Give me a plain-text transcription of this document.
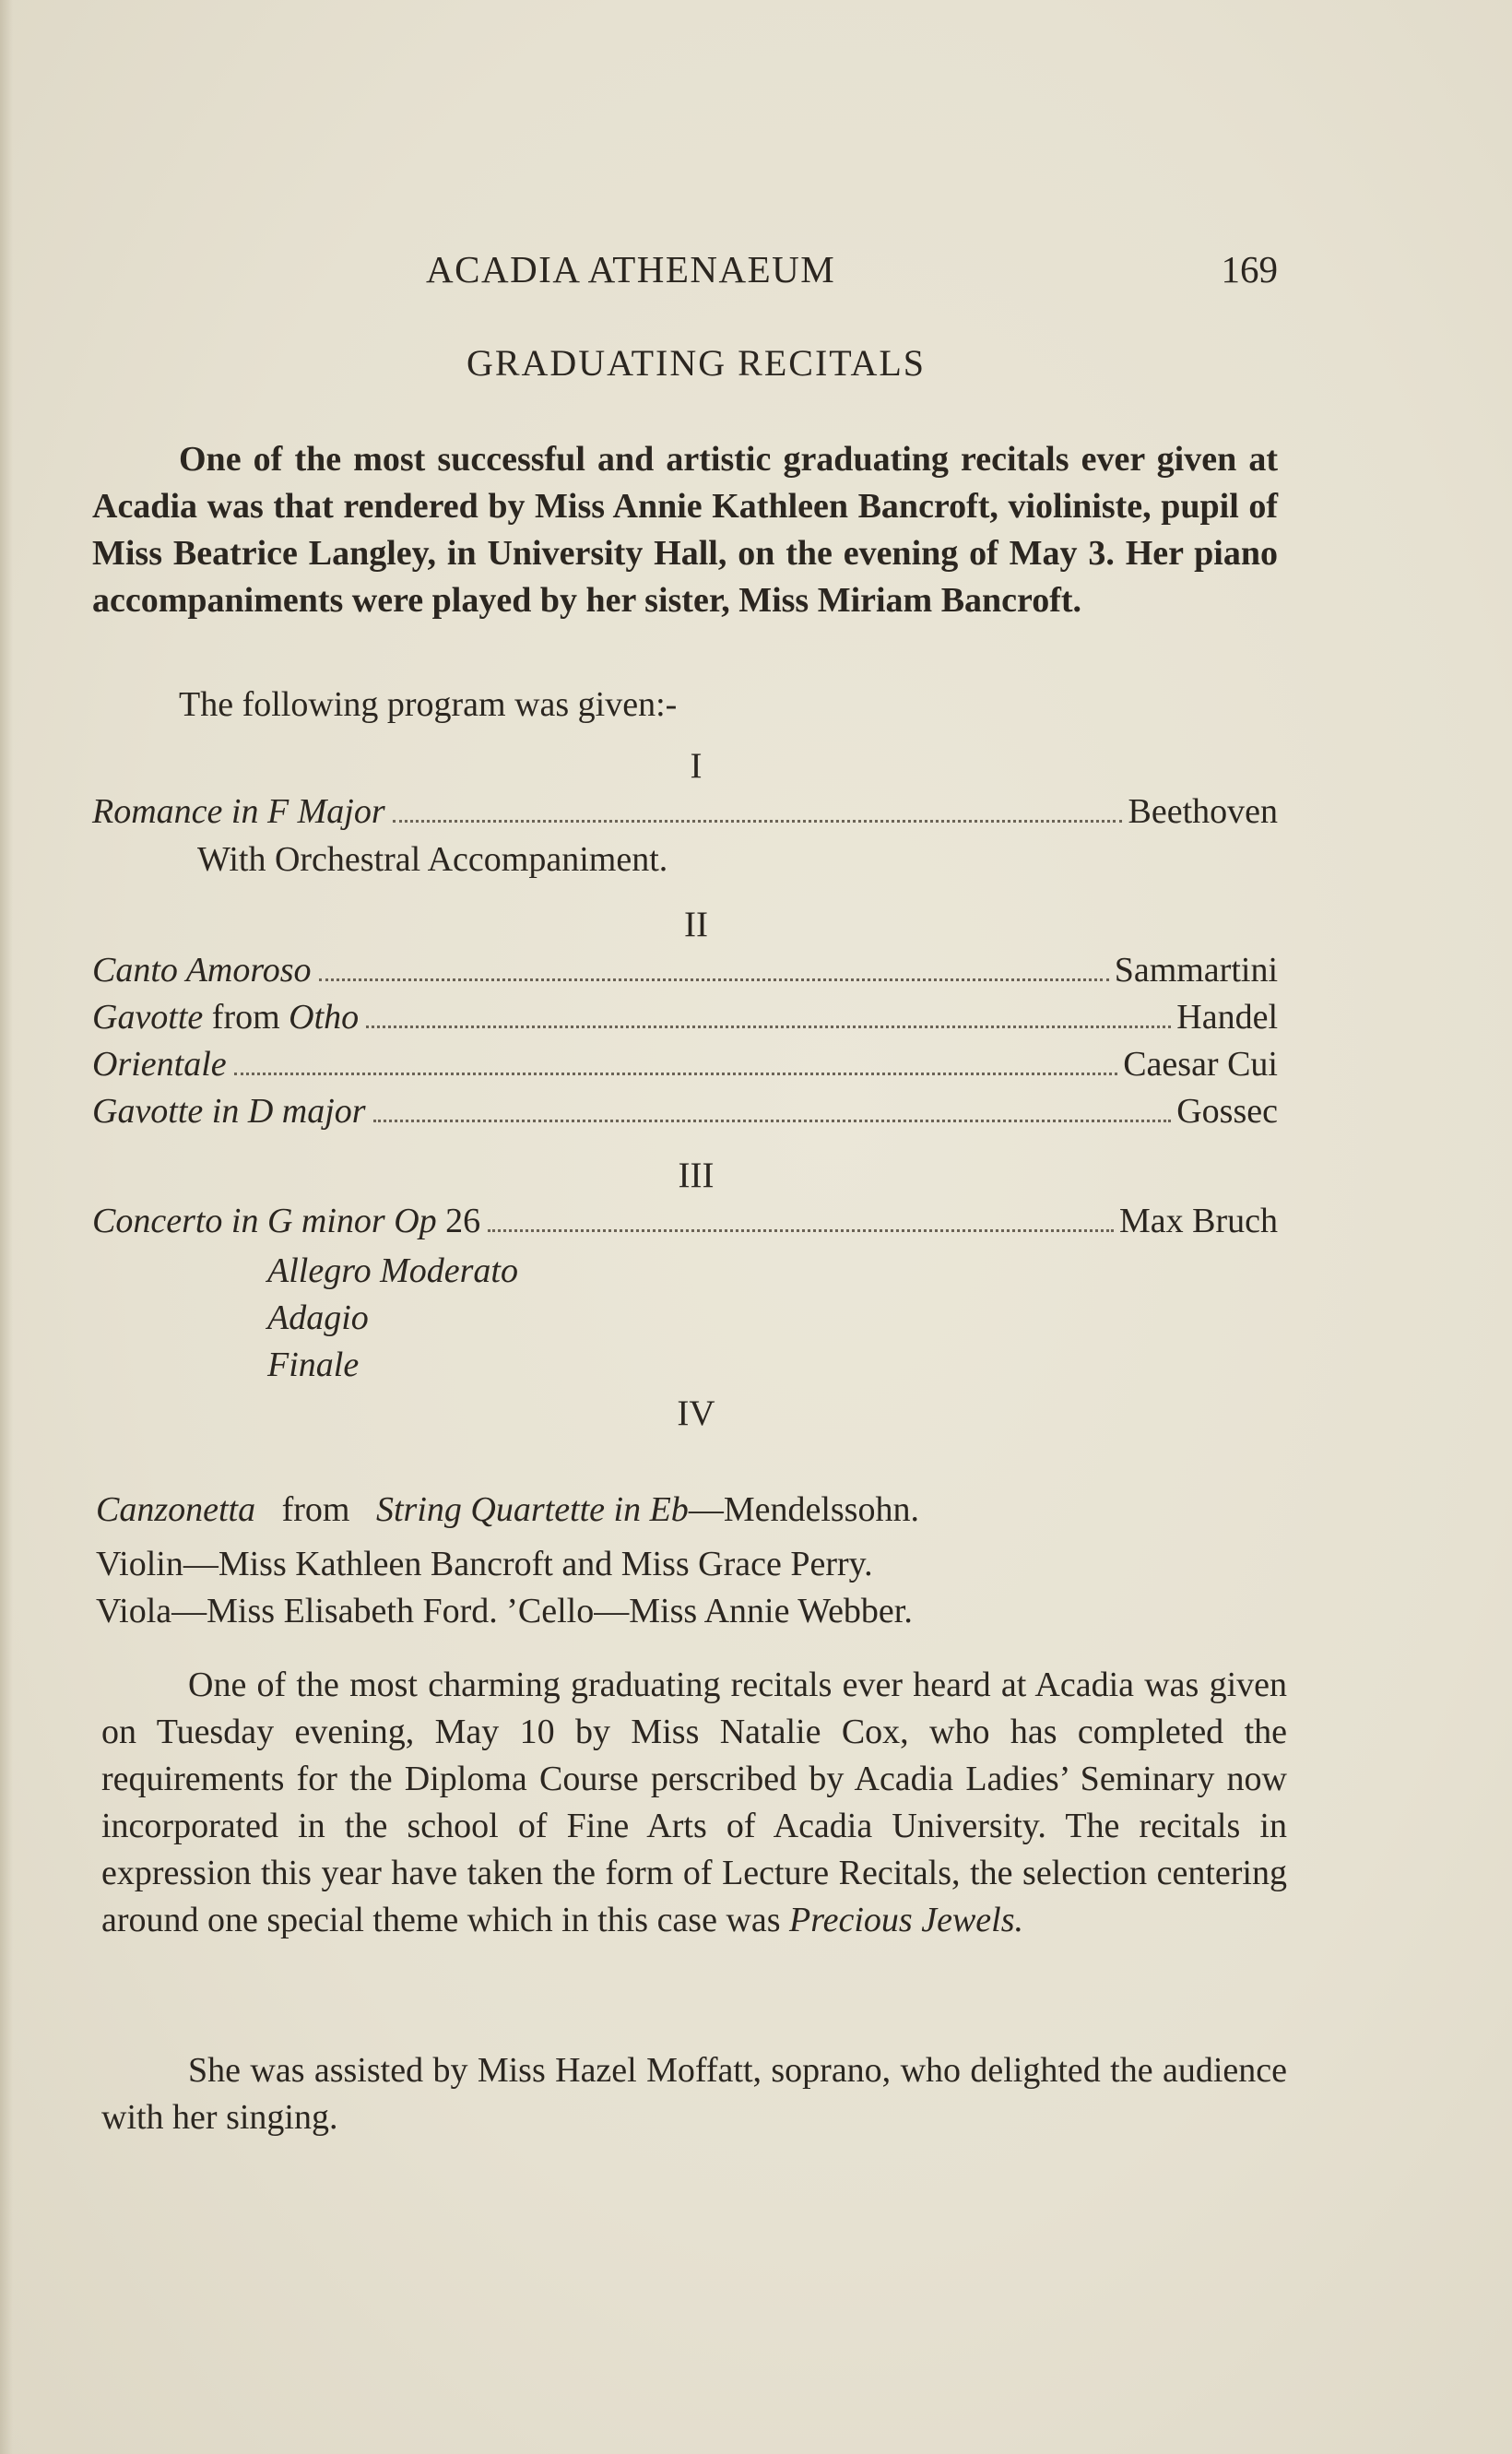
ACADIA ATHENAEUM	169
GRADUATING RECITALS

One of the most successful and artistic graduating recitals ever given at Acadia was that rendered by Miss Annie Kathleen Bancroft, violiniste, pupil of Miss Beatrice Langley, in University Hall, on the evening of May 3. Her piano accompaniments were played by her sister, Miss Miriam Bancroft.

The following program was given:-

I
Romance in F Major	Beethoven
With Orchestral Accompaniment.
II
Canto Amoroso	Sammartini
Gavotte from Otho	Handel
Orientale	Caesar Cui
Gavotte in D major	Gossec
III
Concerto in G minor Op 26	Max Bruch
Allegro Moderato
Adagio
Finale
IV
Canzonetta from String Quartette in Eb—Mendelssohn.
Violin—Miss Kathleen Bancroft and Miss Grace Perry.
Viola—Miss Elisabeth Ford. ’Cello—Miss Annie Webber.

One of the most charming graduating recitals ever heard at Acadia was given on Tuesday evening, May 10 by Miss Natalie Cox, who has completed the requirements for the Diploma Course perscribed by Acadia Ladies’ Seminary now incorporated in the school of Fine Arts of Acadia University. The recitals in expression this year have taken the form of Lecture Recitals, the selection centering around one special theme which in this case was Precious Jewels.

She was assisted by Miss Hazel Moffatt, soprano, who delighted the audience with her singing.
